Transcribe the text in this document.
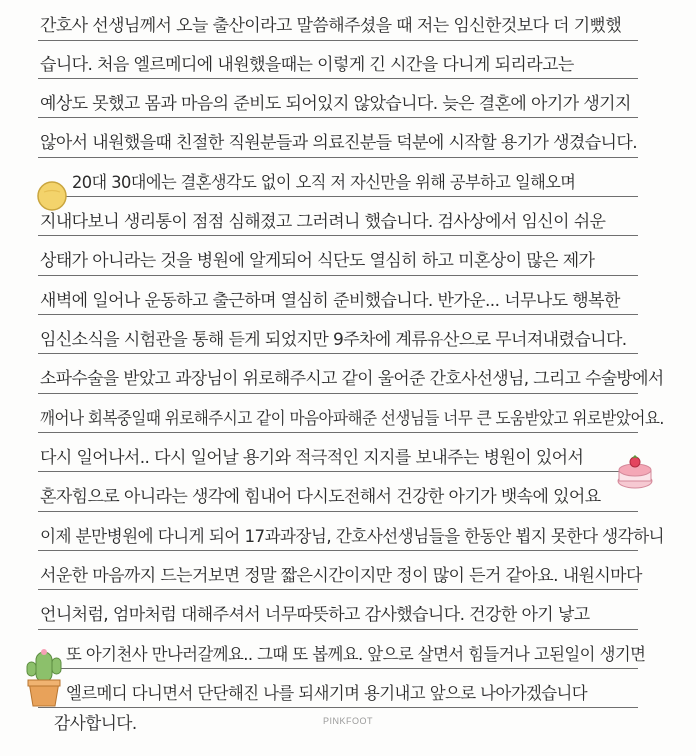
간호사 선생님께서 오늘 출산이라고 말씀해주셨을 때 저는 임신한것보다 더 기뻤했
습니다. 처음 엘르메디에 내원했을때는 이렇게 긴 시간을 다니게 되리라고는
예상도 못했고 몸과 마음의 준비도 되어있지 않았습니다. 늦은 결혼에 아기가 생기지
않아서 내원했을때 친절한 직원분들과 의료진분들 덕분에 시작할 용기가 생겼습니다.
20대 30대에는 결혼생각도 없이 오직 저 자신만을 위해 공부하고 일해오며
지내다보니 생리통이 점점 심해졌고 그러려니 했습니다. 검사상에서 임신이 쉬운
상태가 아니라는 것을 병원에 알게되어 식단도 열심히 하고 미혼상이 많은 제가
새벽에 일어나 운동하고 출근하며 열심히 준비했습니다. 반가운... 너무나도 행복한
임신소식을 시험관을 통해 듣게 되었지만 9주차에 계류유산으로 무너져내렸습니다.
소파수술을 받았고 과장님이 위로해주시고 같이 울어준 간호사선생님, 그리고 수술방에서
깨어나 회복중일때 위로해주시고 같이 마음아파해준 선생님들 너무 큰 도움받았고 위로받았어요.
다시 일어나서.. 다시 일어날 용기와 적극적인 지지를 보내주는 병원이 있어서
혼자힘으로 아니라는 생각에 힘내어 다시도전해서 건강한 아기가 뱃속에 있어요
이제 분만병원에 다니게 되어 17과과장님, 간호사선생님들을 한동안 뵙지 못한다 생각하니
서운한 마음까지 드는거보면 정말 짧은시간이지만 정이 많이 든거 같아요. 내원시마다
언니처럼, 엄마처럼 대해주셔서 너무따뜻하고 감사했습니다. 건강한 아기 낳고
또 아기천사 만나러갈께요.. 그때 또 봅께요. 앞으로 살면서 힘들거나 고된일이 생기면
엘르메디 다니면서 단단해진 나를 되새기며 용기내고 앞으로 나아가겠습니다
감사합니다.	PINKFOOT
